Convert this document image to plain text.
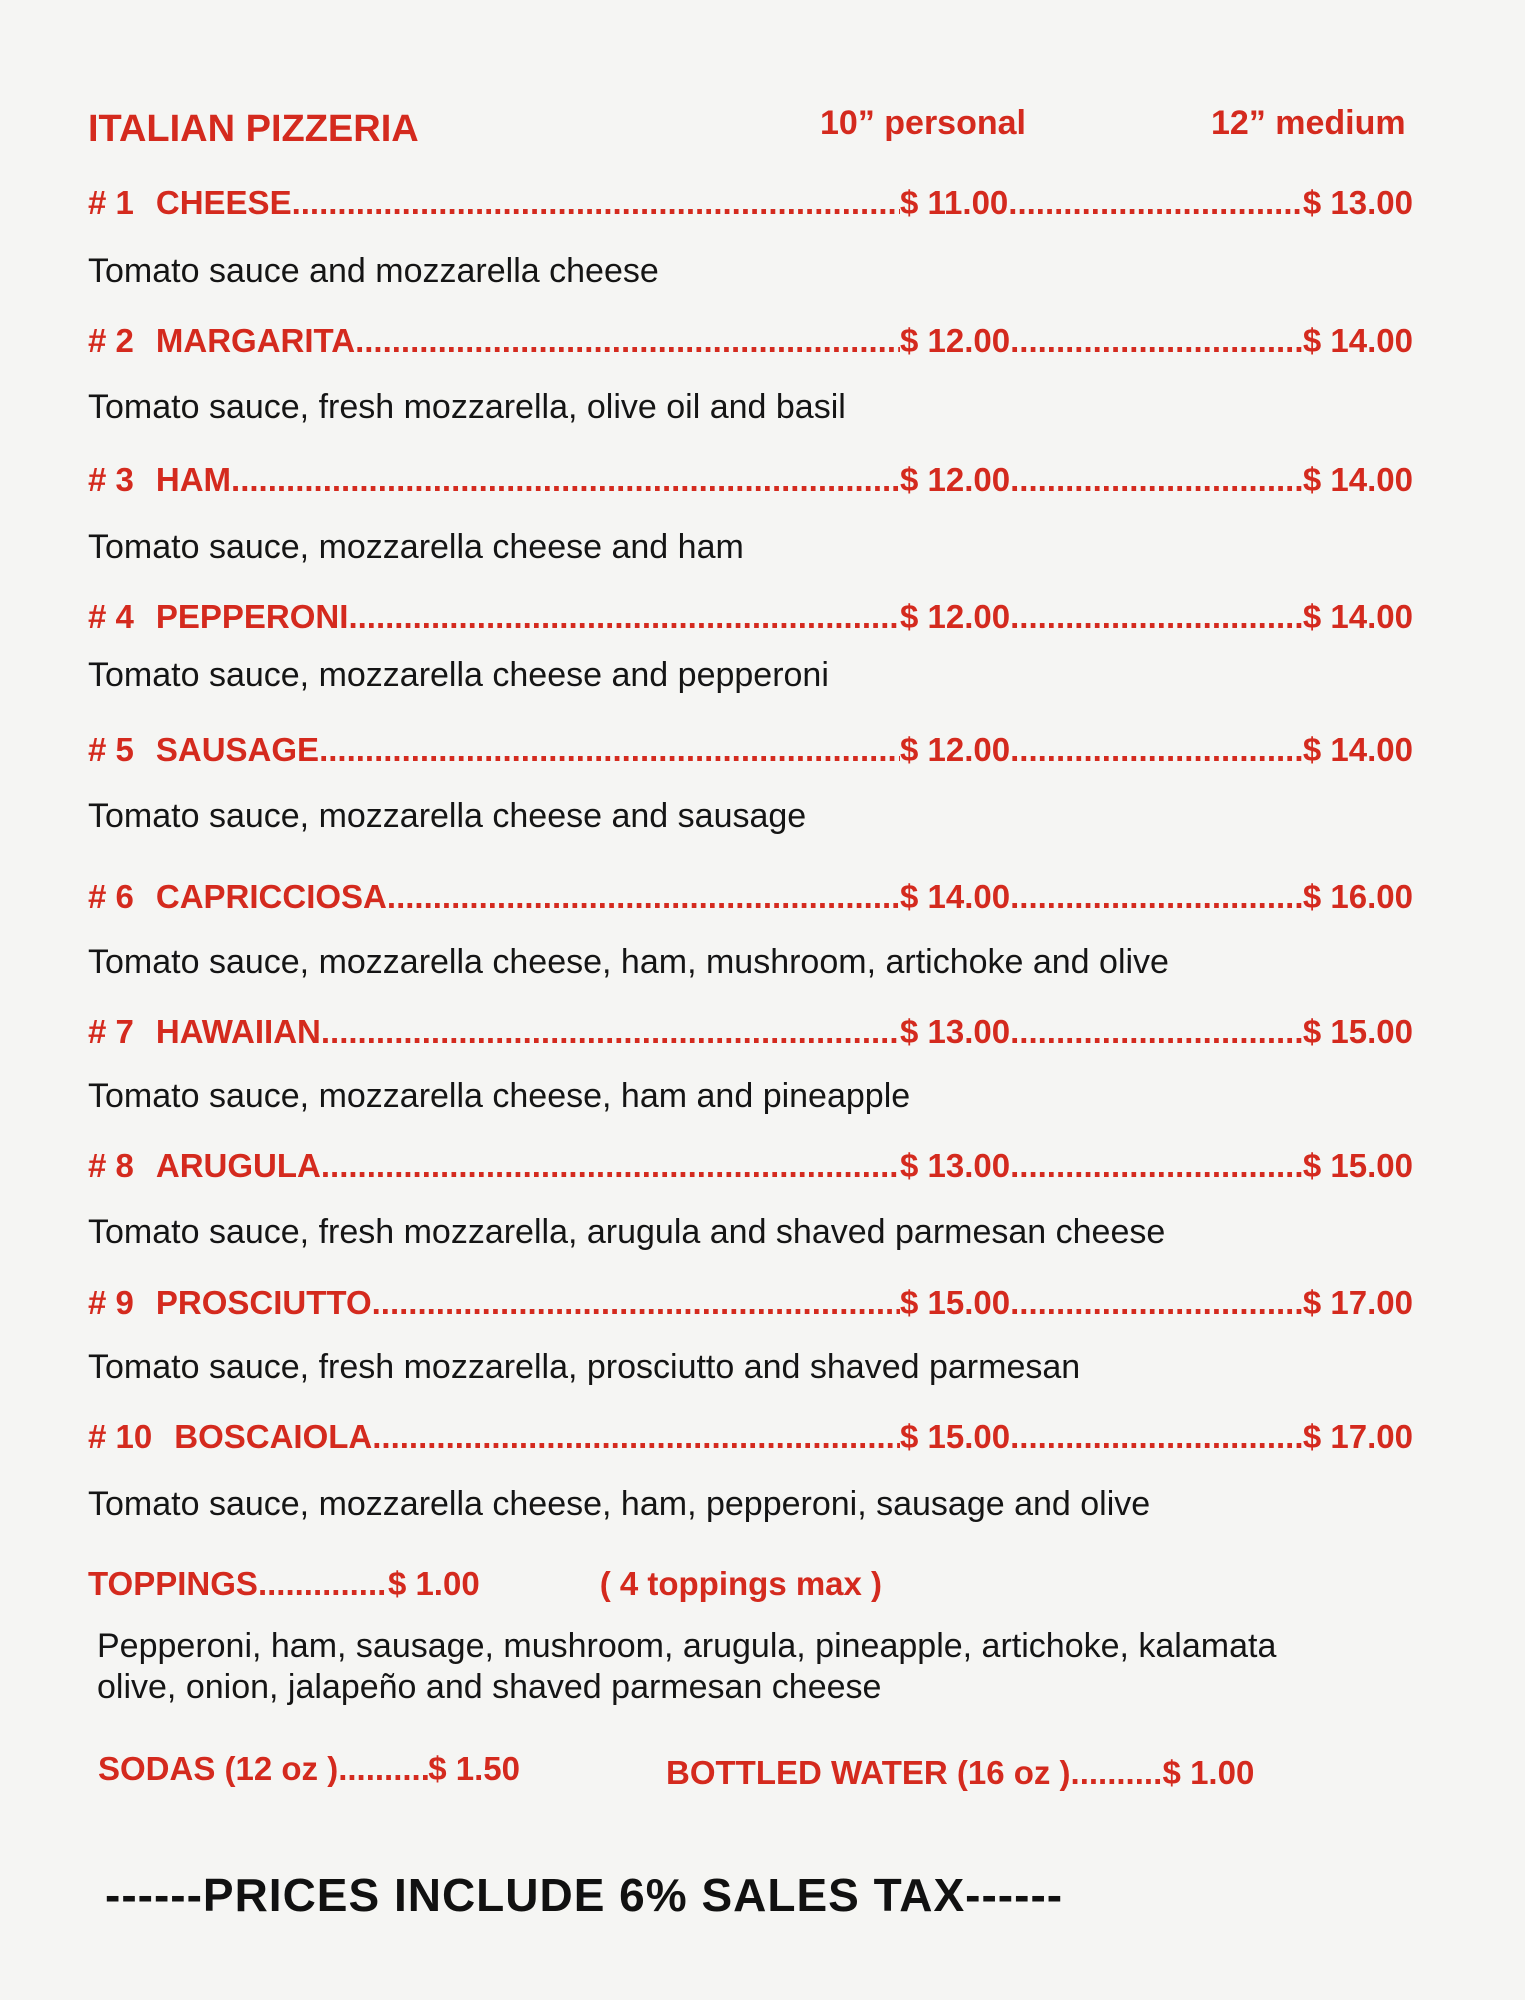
ITALIAN PIZZERIA	10” personal	12” medium
# 1 CHEESE .....	$ 11.00 .....	$ 13.00
Tomato sauce and mozzarella cheese
# 2 MARGARITA .....	$ 12.00 .....	$ 14.00
Tomato sauce, fresh mozzarella, olive oil and basil
# 3 HAM .....	$ 12.00 .....	$ 14.00
Tomato sauce, mozzarella cheese and ham
# 4 PEPPERONI .....	$ 12.00 .....	$ 14.00
Tomato sauce, mozzarella cheese and pepperoni
# 5 SAUSAGE .....	$ 12.00 .....	$ 14.00
Tomato sauce, mozzarella cheese and sausage
# 6 CAPRICCIOSA .....	$ 14.00 .....	$ 16.00
Tomato sauce, mozzarella cheese, ham, mushroom, artichoke and olive
# 7 HAWAIIAN .....	$ 13.00 .....	$ 15.00
Tomato sauce, mozzarella cheese, ham and pineapple
# 8 ARUGULA .....	$ 13.00 .....	$ 15.00
Tomato sauce, fresh mozzarella, arugula and shaved parmesan cheese
# 9 PROSCIUTTO .....	$ 15.00 .....	$ 17.00
Tomato sauce, fresh mozzarella, prosciutto and shaved parmesan
# 10 BOSCAIOLA .....	$ 15.00 .....	$ 17.00
Tomato sauce, mozzarella cheese, ham, pepperoni, sausage and olive
TOPPINGS .....	$ 1.00	( 4 toppings max )
Pepperoni, ham, sausage, mushroom, arugula, pineapple, artichoke, kalamata
olive, onion, jalapeño and shaved parmesan cheese
SODAS (12 oz ) .....	$ 1.50	BOTTLED WATER (16 oz ) .....	$ 1.00
------PRICES INCLUDE 6% SALES TAX------
